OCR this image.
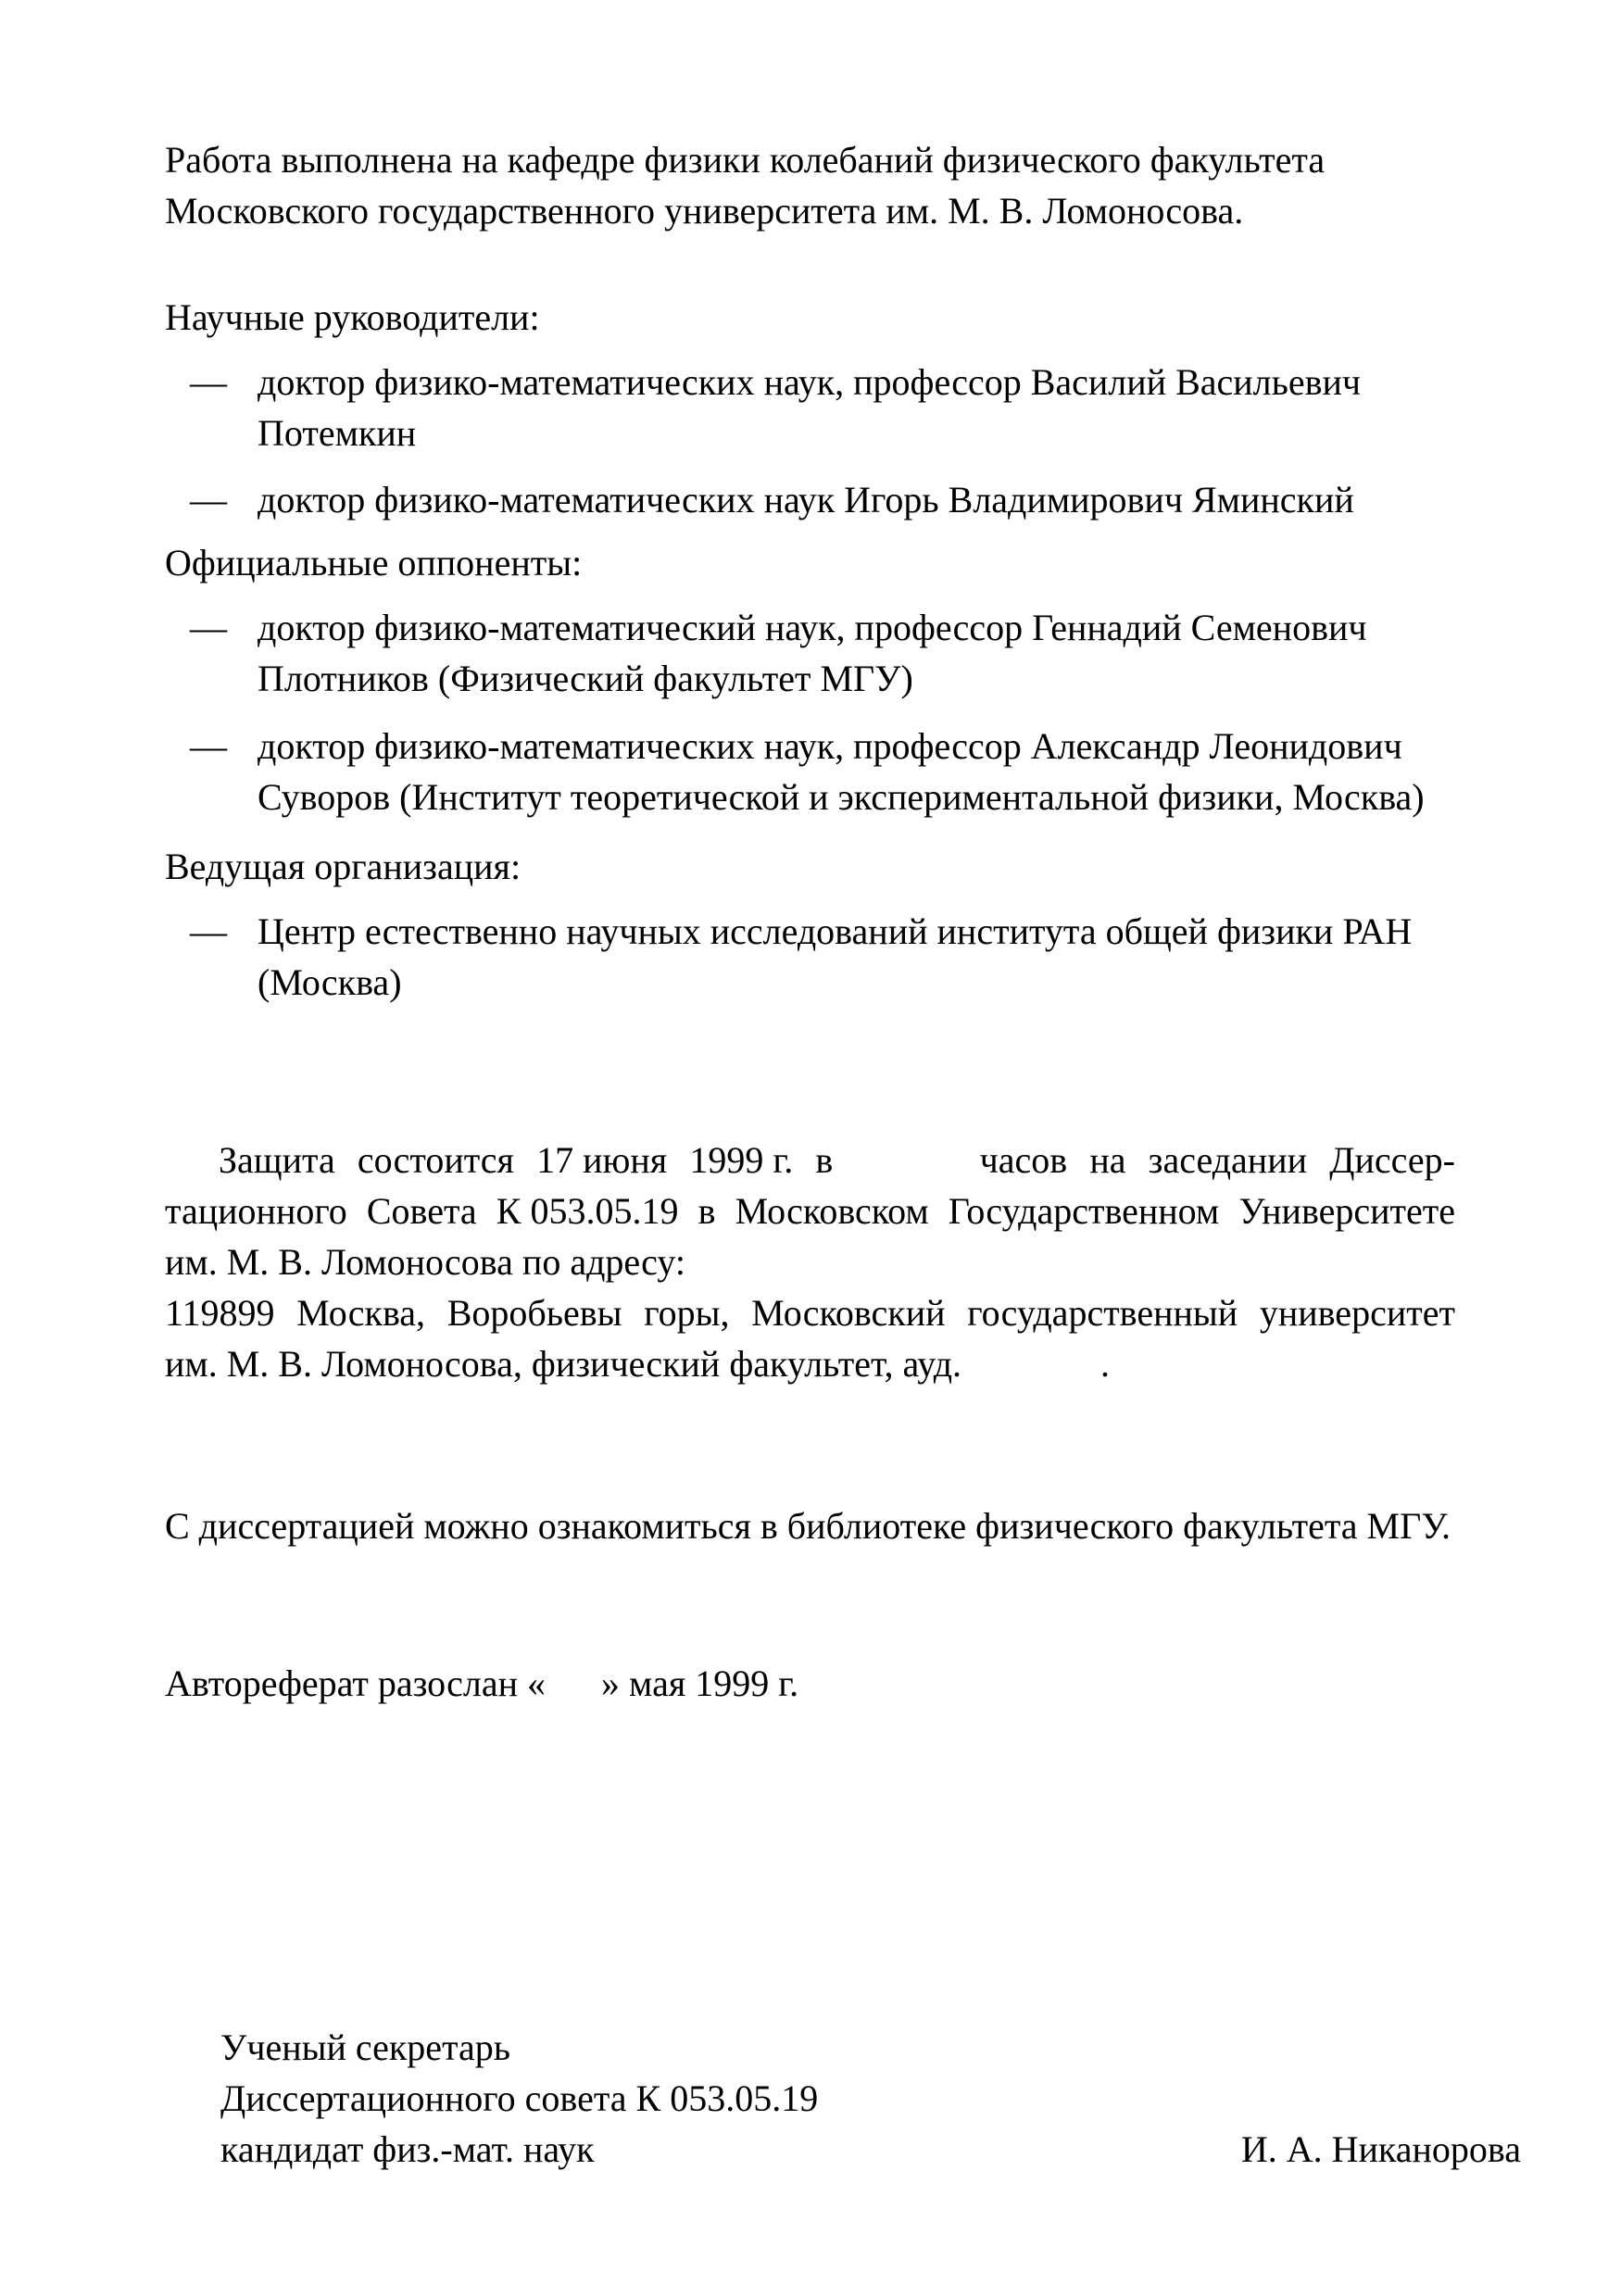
Работа выполнена на кафедре физики колебаний физического факультета
Московского государственного университета им. М. В. Ломоносова.
Научные руководители:
— доктор физико-математических наук, профессор Василий Васильевич
Потемкин
— доктор физико-математических наук Игорь Владимирович Яминский
Официальные оппоненты:
— доктор физико-математический наук, профессор Геннадий Семенович
Плотников (Физический факультет МГУ)
— доктор физико-математических наук, профессор Александр Леонидович
Суворов (Институт теоретической и экспериментальной физики, Москва)
Ведущая организация:
— Центр естественно научных исследований института общей физики РАН
(Москва)
Защита состоится 17 июня 1999 г. в	часов на заседании Диссер-
тационного Совета К 053.05.19 в Московском Государственном Университете
им. М. В. Ломоносова по адресу:
119899 Москва, Воробьевы горы, Московский государственный университет
им. М. В. Ломоносова, физический факультет, ауд.	.
С диссертацией можно ознакомиться в библиотеке физического факультета МГУ.
Автореферат разослан « » мая 1999 г.
Ученый секретарь
Диссертационного совета К 053.05.19
кандидат физ.-мат. наук	И. А. Никанорова
